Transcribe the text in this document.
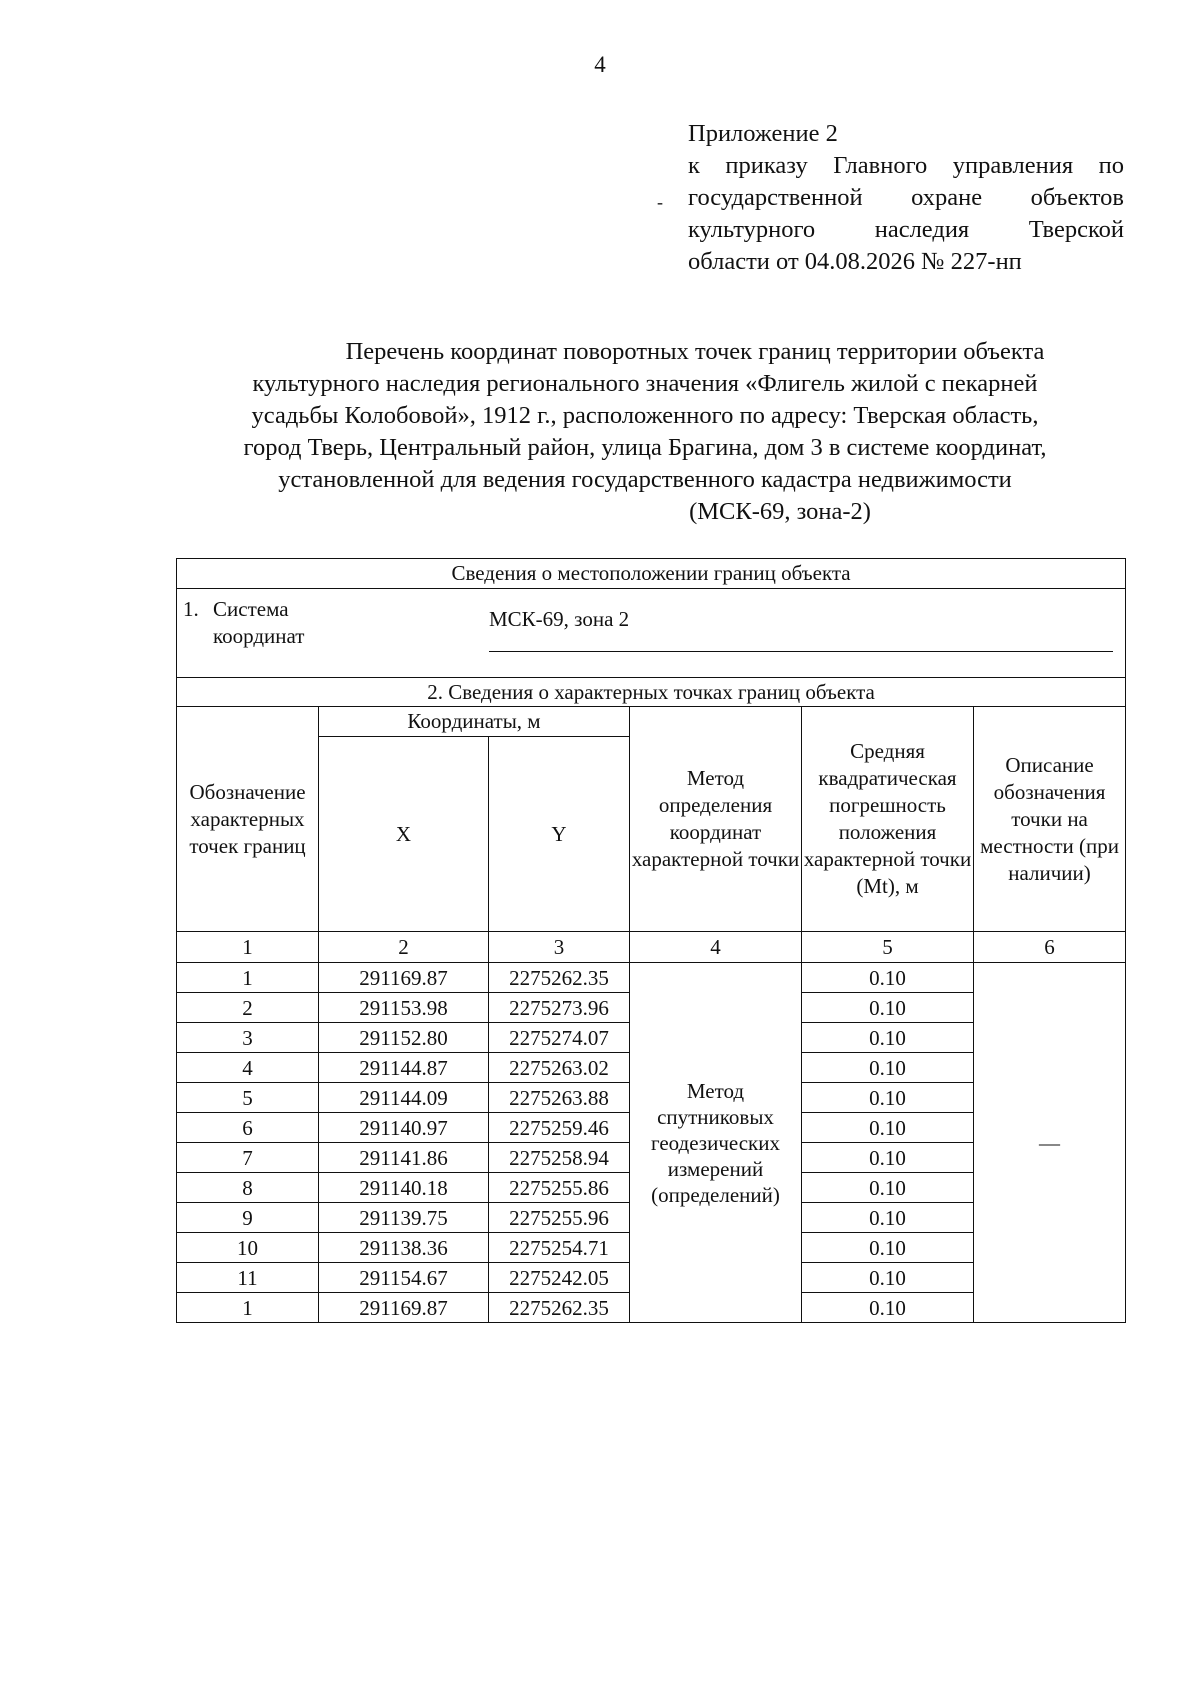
4
‐
Приложение 2
к приказу Главного управления по
государственной охране объектов
культурного наследия Тверской
области от 04.08.2026 № 227-нп
Перечень координат поворотных точек границ территории объекта
культурного наследия регионального значения «Флигель жилой с пекарней
усадьбы Колобовой», 1912 г., расположенного по адресу: Тверская область,
город Тверь, Центральный район, улица Брагина, дом 3 в системе координат,
установленной для ведения государственного кадастра недвижимости
(МСК-69, зона-2)
Сведения о местоположении границ объекта					

1. Система
координат
МСК-69, зона 2					

2. Сведения о характерных точках границ объекта					
Обозначение характерных точек границ	Координаты, м		Метод определения координат характерной точки	Средняя квадратическая погрешность положения характерной точки (Mt), м	Описание обозначения точки на местности (при наличии)
	X	Y			
1	2	3	4	5	6
1	291169.87	2275262.35	Метод спутниковых геодезических измерений (определений)	0.10	—
2	291153.98	2275273.96		0.10	
3	291152.80	2275274.07		0.10	
4	291144.87	2275263.02		0.10	
5	291144.09	2275263.88		0.10	
6	291140.97	2275259.46		0.10	
7	291141.86	2275258.94		0.10	
8	291140.18	2275255.86		0.10	
9	291139.75	2275255.96		0.10	
10	291138.36	2275254.71		0.10	
11	291154.67	2275242.05		0.10	
1	291169.87	2275262.35		0.10	
